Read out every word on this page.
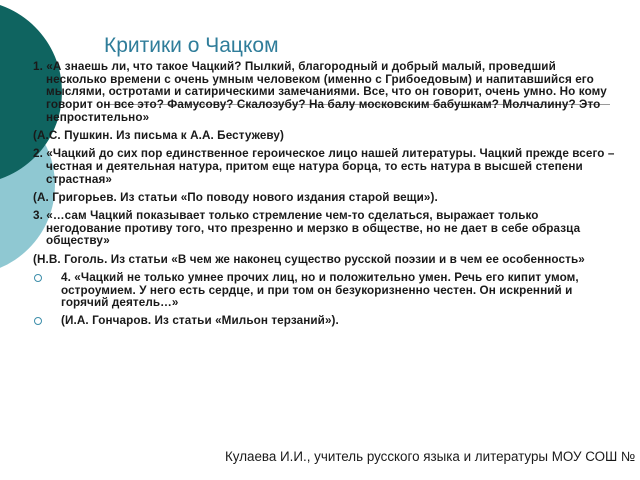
Критики о Чацком

1. «А знаешь ли, что такое Чацкий? Пылкий, благородный и добрый малый, проведший несколько времени с очень умным человеком (именно с Грибоедовым) и напитавшийся его мыслями, остротами и сатирическими замечаниями. Все, что он говорит, очень умно. Но кому говорит он все это? Фамусову? Скалозубу? На балу московским бабушкам? Молчалину? Это непростительно»

(А.С. Пушкин. Из письма к А.А. Бестужеву)

2. «Чацкий до сих пор единственное героическое лицо нашей литературы. Чацкий прежде всего – честная и деятельная натура, притом еще натура борца, то есть натура в высшей степени страстная»

(А. Григорьев. Из статьи «По поводу нового издания старой вещи»).

3. «…сам Чацкий показывает только стремление чем-то сделаться, выражает только негодование противу того, что презренно и мерзко в обществе, но не дает в себе образца обществу»

(Н.В. Гоголь. Из статьи «В чем же наконец существо русской поэзии и в чем ее особенность»

4. «Чацкий не только умнее прочих лиц, но и положительно умен. Речь его кипит умом, остроумием. У него есть сердце, и при том он безукоризненно честен. Он искренний и горячий деятель…»
(И.А. Гончаров. Из статьи «Мильон терзаний»).
Кулаева И.И., учитель русского языка и литературы МОУ СОШ №
